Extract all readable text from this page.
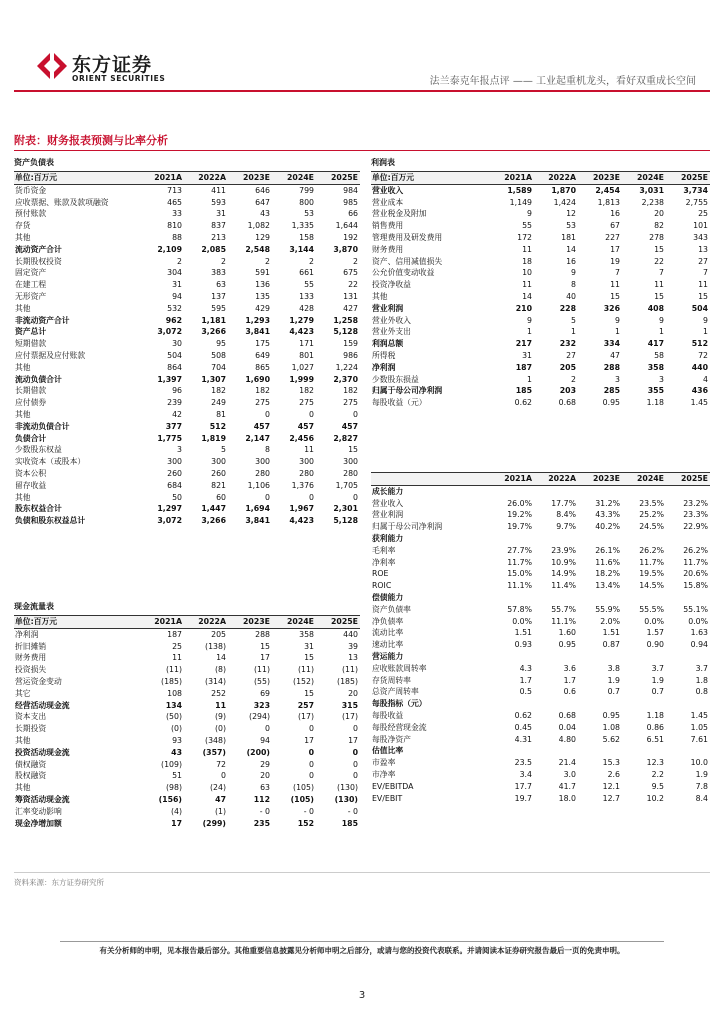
东方证券
ORIENT SECURITIES	法兰泰克年报点评 —— 工业起重机龙头，看好双重成长空间
附表：财务报表预测与比率分析
资产负债表
单位:百万元	2021A	2022A	2023E	2024E	2025E
货币资金	713	411	646	799	984
应收票据、账款及款项融资	465	593	647	800	985
预付账款	33	31	43	53	66
存货	810	837	1,082	1,335	1,644
其他	88	213	129	158	192
流动资产合计	2,109	2,085	2,548	3,144	3,870
长期股权投资	2	2	2	2	2
固定资产	304	383	591	661	675
在建工程	31	63	136	55	22
无形资产	94	137	135	133	131
其他	532	595	429	428	427
非流动资产合计	962	1,181	1,293	1,279	1,258
资产总计	3,072	3,266	3,841	4,423	5,128
短期借款	30	95	175	171	159
应付票据及应付账款	504	508	649	801	986
其他	864	704	865	1,027	1,224
流动负债合计	1,397	1,307	1,690	1,999	2,370
长期借款	96	182	182	182	182
应付债券	239	249	275	275	275
其他	42	81	0	0	0
非流动负债合计	377	512	457	457	457
负债合计	1,775	1,819	2,147	2,456	2,827
少数股东权益	3	5	8	11	15
实收资本（或股本）	300	300	300	300	300
资本公积	260	260	280	280	280
留存收益	684	821	1,106	1,376	1,705
其他	50	60	0	0	0
股东权益合计	1,297	1,447	1,694	1,967	2,301
负债和股东权益总计	3,072	3,266	3,841	4,423	5,128
现金流量表
单位:百万元	2021A	2022A	2023E	2024E	2025E
净利润	187	205	288	358	440
折旧摊销	25	(138)	15	31	39
财务费用	11	14	17	15	13
投资损失	(11)	(8)	(11)	(11)	(11)
营运资金变动	(185)	(314)	(55)	(152)	(185)
其它	108	252	69	15	20
经营活动现金流	134	11	323	257	315
资本支出	(50)	(9)	(294)	(17)	(17)
长期投资	(0)	(0)	0	0	0
其他	93	(348)	94	17	17
投资活动现金流	43	(357)	(200)	0	0
债权融资	(109)	72	29	0	0
股权融资	51	0	20	0	0
其他	(98)	(24)	63	(105)	(130)
筹资活动现金流	(156)	47	112	(105)	(130)
汇率变动影响	(4)	(1)	- 0	- 0	- 0
现金净增加额	17	(299)	235	152	185
利润表
单位:百万元	2021A	2022A	2023E	2024E	2025E
营业收入	1,589	1,870	2,454	3,031	3,734
营业成本	1,149	1,424	1,813	2,238	2,755
营业税金及附加	9	12	16	20	25
销售费用	55	53	67	82	101
管理费用及研发费用	172	181	227	278	343
财务费用	11	14	17	15	13
资产、信用减值损失	18	16	19	22	27
公允价值变动收益	10	9	7	7	7
投资净收益	11	8	11	11	11
其他	14	40	15	15	15
营业利润	210	228	326	408	504
营业外收入	9	5	9	9	9
营业外支出	1	1	1	1	1
利润总额	217	232	334	417	512
所得税	31	27	47	58	72
净利润	187	205	288	358	440
少数股东损益	1	2	3	3	4
归属于母公司净利润	185	203	285	355	436
每股收益（元）	0.62	0.68	0.95	1.18	1.45
	2021A	2022A	2023E	2024E	2025E
成长能力					
营业收入	26.0%	17.7%	31.2%	23.5%	23.2%
营业利润	19.2%	8.4%	43.3%	25.2%	23.3%
归属于母公司净利润	19.7%	9.7%	40.2%	24.5%	22.9%
获利能力					
毛利率	27.7%	23.9%	26.1%	26.2%	26.2%
净利率	11.7%	10.9%	11.6%	11.7%	11.7%
ROE	15.0%	14.9%	18.2%	19.5%	20.6%
ROIC	11.1%	11.4%	13.4%	14.5%	15.8%
偿债能力					
资产负债率	57.8%	55.7%	55.9%	55.5%	55.1%
净负债率	0.0%	11.1%	2.0%	0.0%	0.0%
流动比率	1.51	1.60	1.51	1.57	1.63
速动比率	0.93	0.95	0.87	0.90	0.94
营运能力					
应收账款周转率	4.3	3.6	3.8	3.7	3.7
存货周转率	1.7	1.7	1.9	1.9	1.8
总资产周转率	0.5	0.6	0.7	0.7	0.8
每股指标（元）					
每股收益	0.62	0.68	0.95	1.18	1.45
每股经营现金流	0.45	0.04	1.08	0.86	1.05
每股净资产	4.31	4.80	5.62	6.51	7.61
估值比率					
市盈率	23.5	21.4	15.3	12.3	10.0
市净率	3.4	3.0	2.6	2.2	1.9
EV/EBITDA	17.7	41.7	12.1	9.5	7.8
EV/EBIT	19.7	18.0	12.7	10.2	8.4
资料来源：东方证券研究所
有关分析师的申明，见本报告最后部分。其他重要信息披露见分析师申明之后部分，或请与您的投资代表联系。并请阅读本证券研究报告最后一页的免责申明。
3
